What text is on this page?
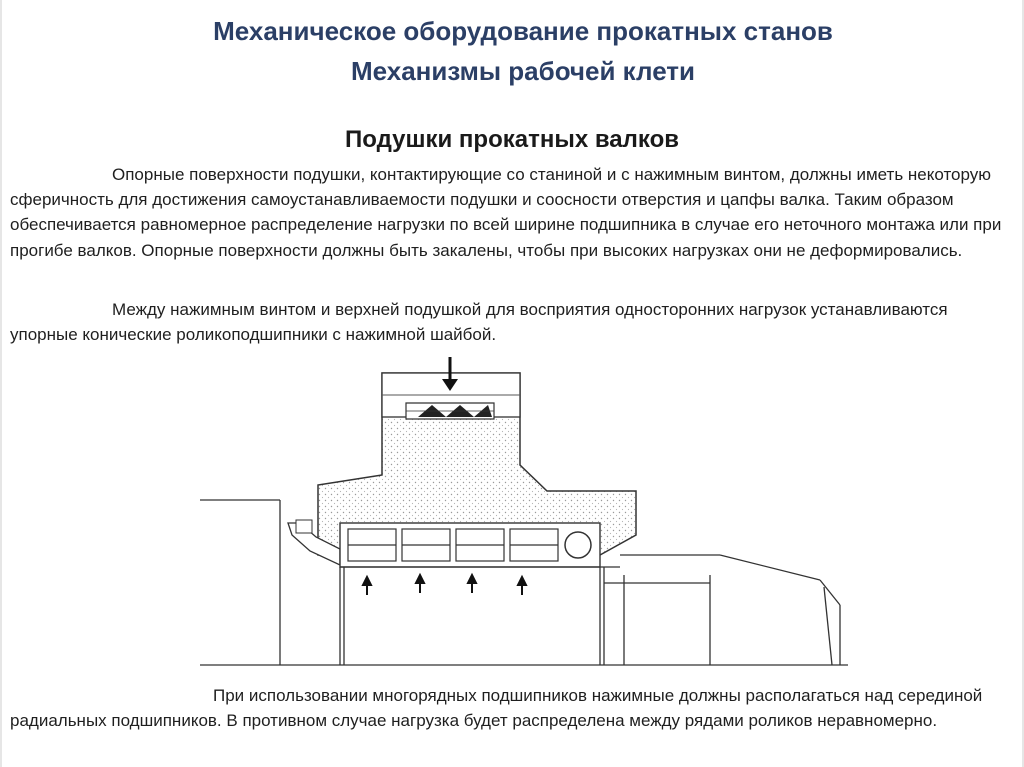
Механическое оборудование прокатных станов
Механизмы рабочей клети
Подушки прокатных валков
Опорные поверхности подушки, контактирующие со станиной и с нажимным винтом, должны иметь некоторую сферичность для достижения самоустанавливаемости подушки и соосности отверстия и цапфы валка. Таким образом обеспечивается равномерное распределение нагрузки по всей ширине подшипника в случае его неточного монтажа или при прогибе валков. Опорные поверхности должны быть закалены, чтобы при высоких нагрузках они не деформировались.
Между нажимным винтом и верхней подушкой для восприятия односторонних нагрузок устанавливаются упорные конические роликоподшипники с нажимной шайбой.
При использовании многорядных подшипников нажимные должны располагаться над серединой радиальных подшипников. В противном случае нагрузка будет распределена между рядами роликов неравномерно.
